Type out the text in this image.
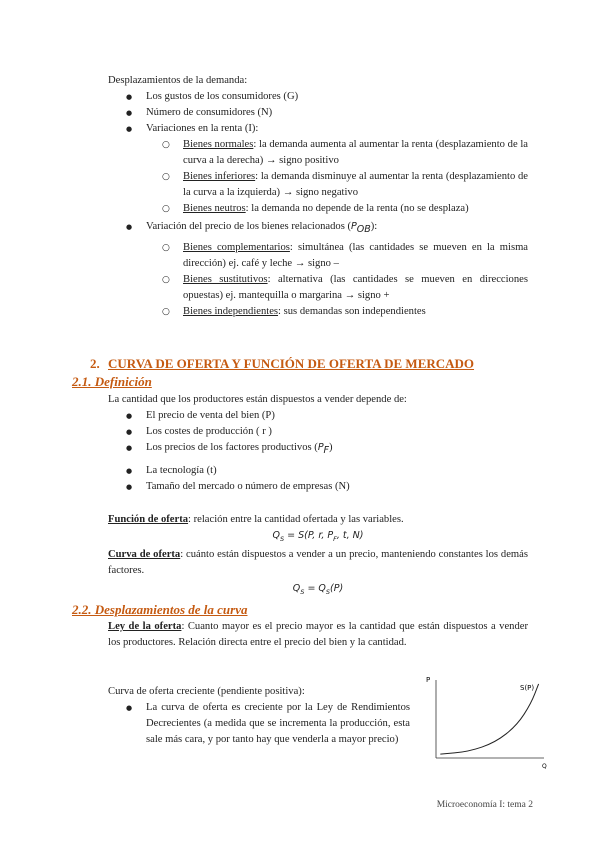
Desplazamientos de la demanda:

● Los gustos de los consumidores (G)
● Número de consumidores (N)
● Variaciones en la renta (I):
○ Bienes normales: la demanda aumenta al aumentar la renta (desplazamiento de la curva a la derecha) → signo positivo
○ Bienes inferiores: la demanda disminuye al aumentar la renta (desplazamiento de la curva a la izquierda) → signo negativo
○ Bienes neutros: la demanda no depende de la renta (no se desplaza)
● Variación del precio de los bienes relacionados $(P_{OB})$:
○ Bienes complementarios: simultánea (las cantidades se mueven en la misma dirección) ej. café y leche → signo –
○ Bienes sustitutivos: alternativa (las cantidades se mueven en direcciones opuestas) ej. mantequilla o margarina → signo +
○ Bienes independientes: sus demandas son independientes

2. CURVA DE OFERTA Y FUNCIÓN DE OFERTA DE MERCADO

2.1. Definición

La cantidad que los productores están dispuestos a vender depende de:

● El precio de venta del bien (P)
● Los costes de producción ( r )
● Los precios de los factores productivos $(P_F)$
● La tecnología (t)
● Tamaño del mercado o número de empresas (N)

Función de oferta: relación entre la cantidad ofertada y las variables.

$Q_S = S(P$, r, $P_F$, t, N)

Curva de oferta: cuánto están dispuestos a vender a un precio, manteniendo constantes los demás factores.

$Q_S = Q_S(P)$

2.2. Desplazamientos de la curva

Ley de la oferta: Cuanto mayor es el precio mayor es la cantidad que están dispuestos a vender los productores. Relación directa entre el precio del bien y la cantidad.

Curva de oferta creciente (pendiente positiva):

● La curva de oferta es creciente por la Ley de Rendimientos Decrecientes (a medida que se incrementa la producción, esta sale más cara, y por tanto hay que venderla a mayor precio)
P
Q
S(P)
Microeconomía I: tema 2
